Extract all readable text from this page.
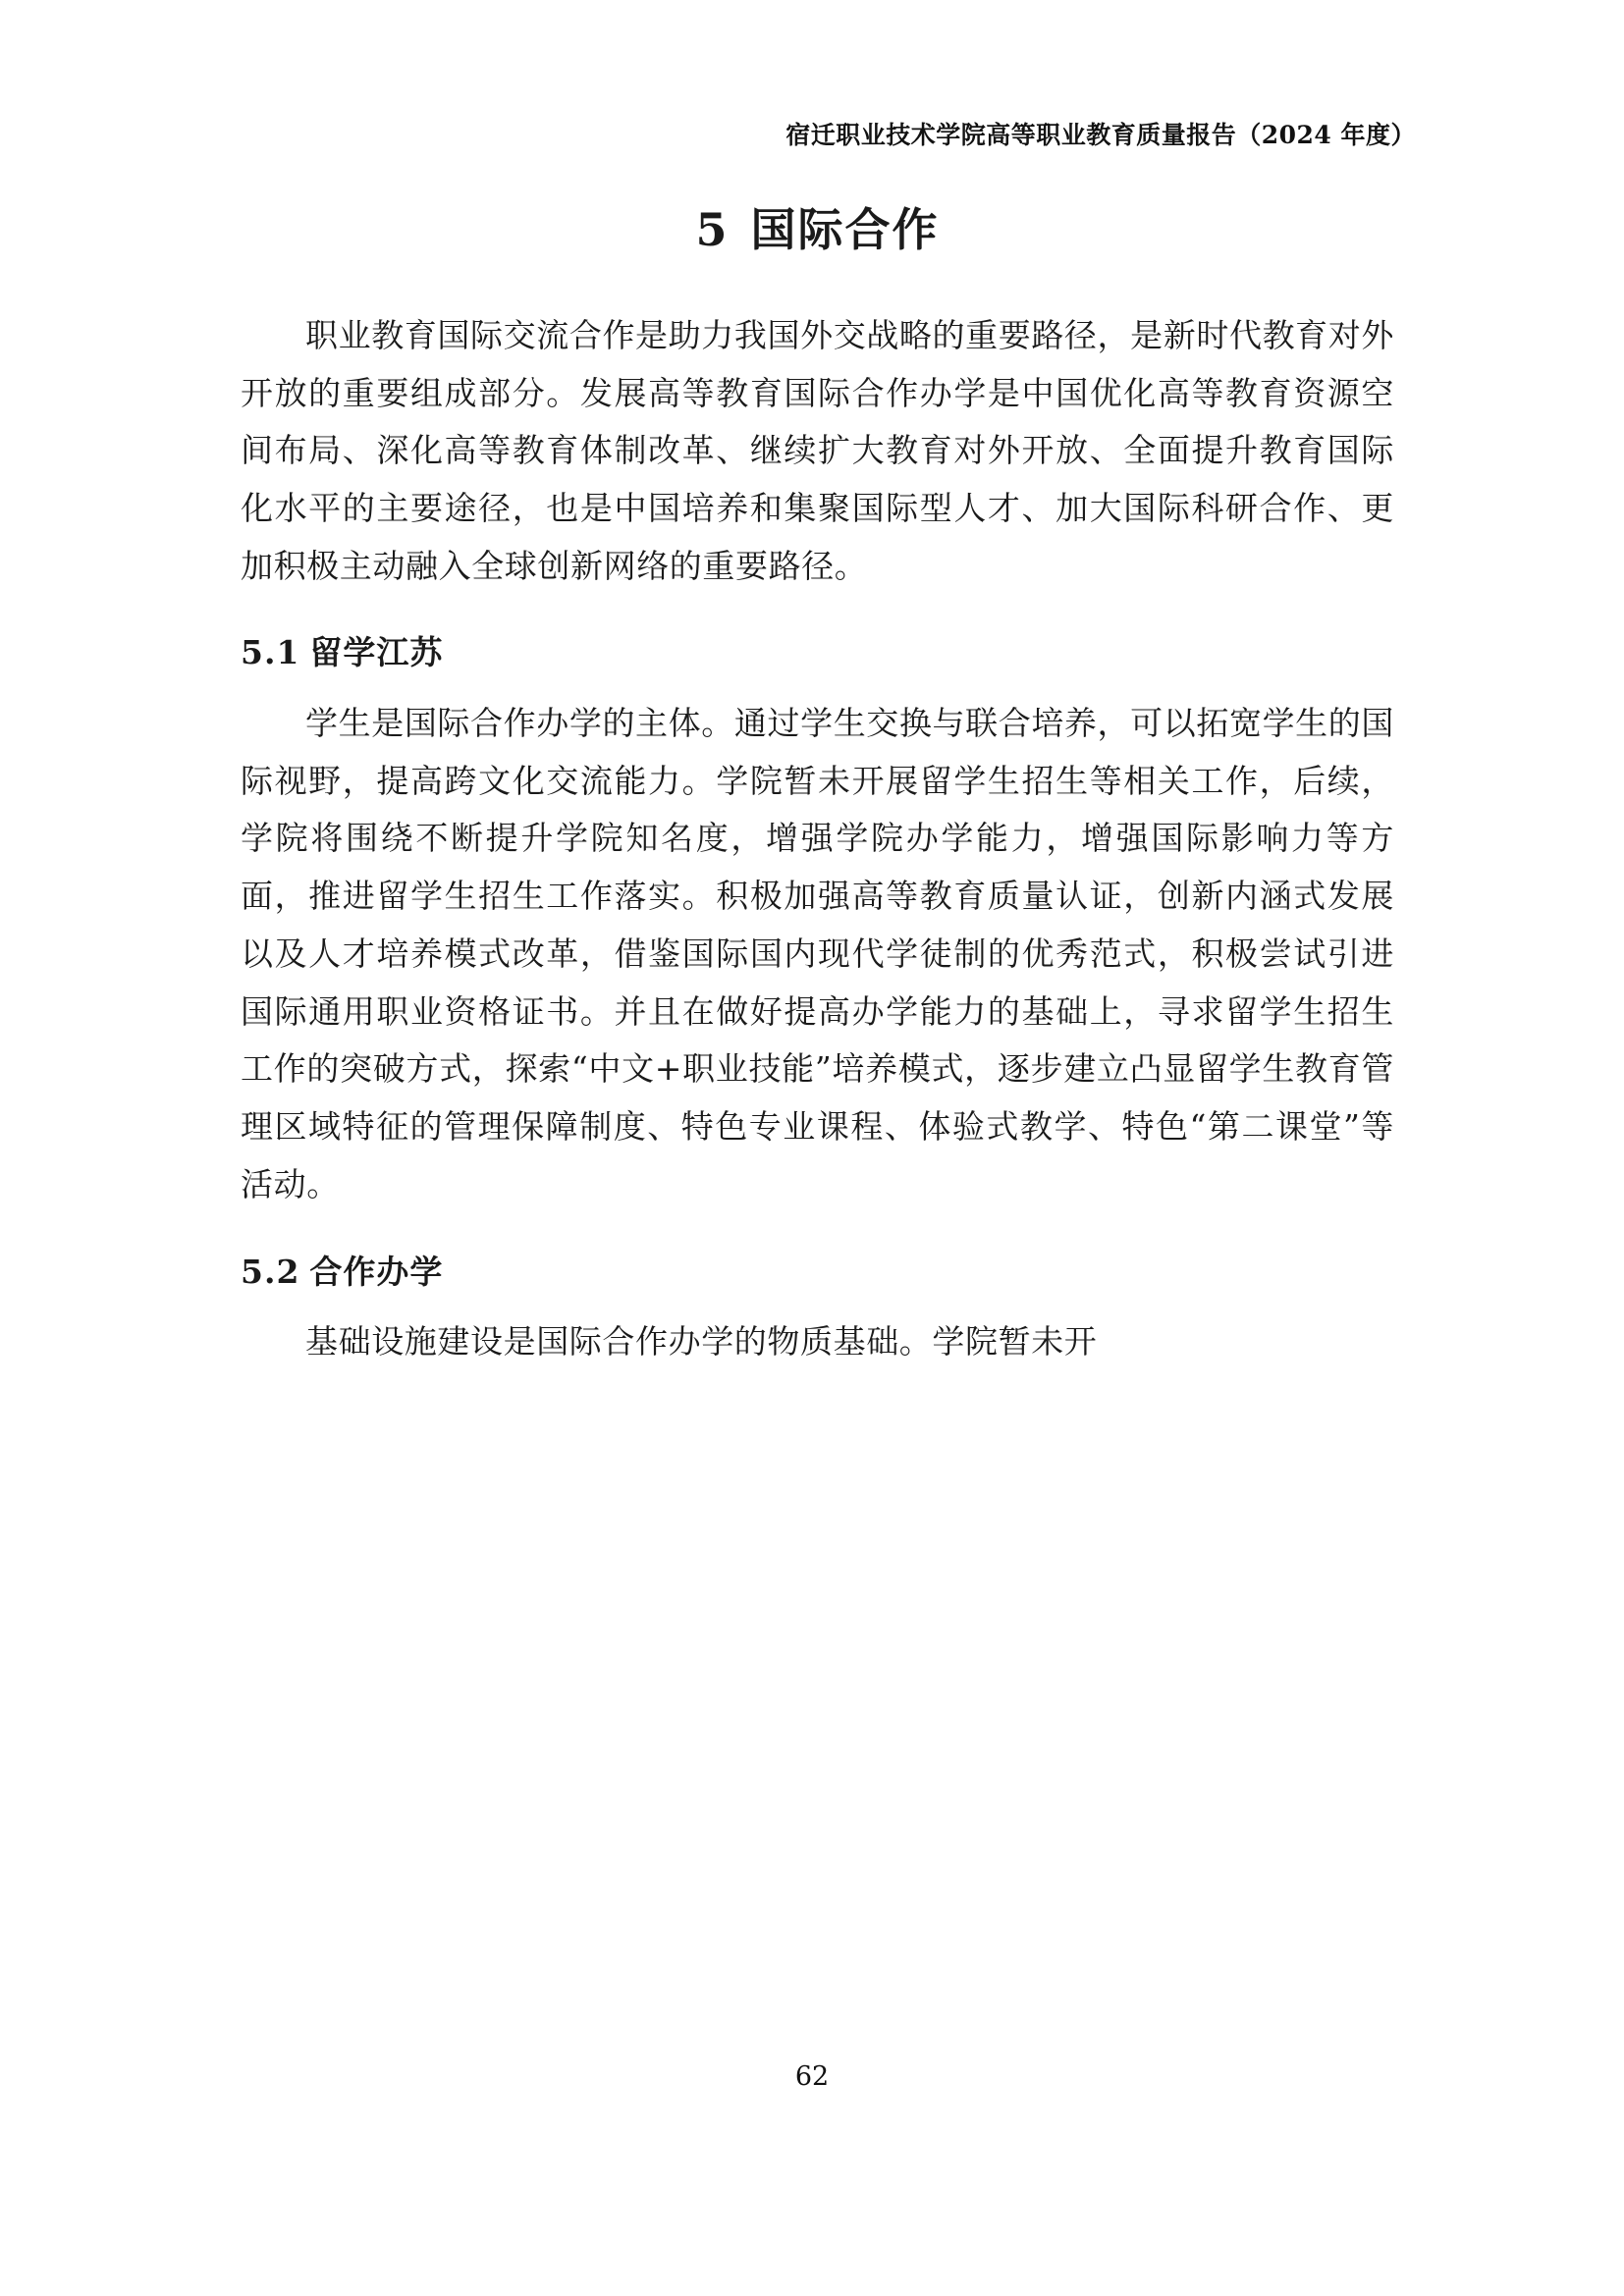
宿迁职业技术学院高等职业教育质量报告（2024 年度）
5 国际合作

职业教育国际交流合作是助力我国外交战略的重要路径，是新时代教育对外开放的重要组成部分。发展高等教育国际合作办学是中国优化高等教育资源空间布局、深化高等教育体制改革、继续扩大教育对外开放、全面提升教育国际化水平的主要途径，也是中国培养和集聚国际型人才、加大国际科研合作、更加积极主动融入全球创新网络的重要路径。

5.1 留学江苏

学生是国际合作办学的主体。通过学生交换与联合培养，可以拓宽学生的国际视野，提高跨文化交流能力。学院暂未开展留学生招生等相关工作，后续，学院将围绕不断提升学院知名度，增强学院办学能力，增强国际影响力等方面，推进留学生招生工作落实。积极加强高等教育质量认证，创新内涵式发展以及人才培养模式改革，借鉴国际国内现代学徒制的优秀范式，积极尝试引进国际通用职业资格证书。并且在做好提高办学能力的基础上，寻求留学生招生工作的突破方式，探索“中文+职业技能”培养模式，逐步建立凸显留学生教育管理区域特征的管理保障制度、特色专业课程、体验式教学、特色“第二课堂”等活动。

5.2 合作办学

基础设施建设是国际合作办学的物质基础。学院暂未开

62
